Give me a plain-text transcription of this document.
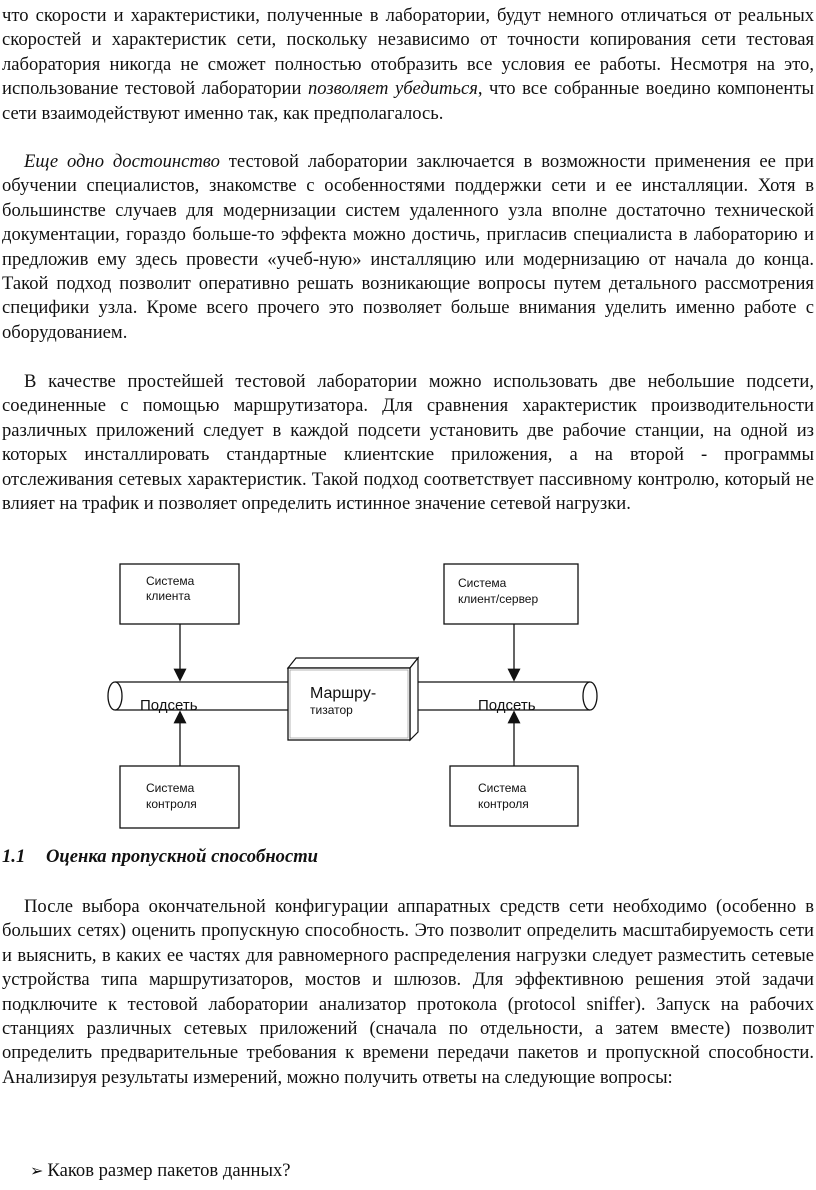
что скорости и характеристики, полученные в лаборатории, будут немного отличаться от реальных скоростей и характеристик сети, поскольку независимо от точности копирования сети тестовая лаборатория никогда не сможет полностью отобразить все условия ее работы. Несмотря на это, использование тестовой лаборатории позволяет убедиться, что все собранные воедино компоненты сети взаимодействуют именно так, как предполагалось.

Еще одно достоинство тестовой лаборатории заключается в возможности применения ее при обучении специалистов, знакомстве с особенностями поддержки сети и ее инсталляции. Хотя в большинстве случаев для модернизации систем удаленного узла вполне достаточно технической документации, гораздо больше-то эффекта можно достичь, пригласив специалиста в лабораторию и предложив ему здесь провести «учеб-ную» инсталляцию или модернизацию от начала до конца. Такой подход позволит оперативно решать возникающие вопросы путем детального рассмотрения специфики узла. Кроме всего прочего это позволяет больше внимания уделить именно работе с оборудованием.

В качестве простейшей тестовой лаборатории можно использовать две небольшие подсети, соединенные с помощью маршрутизатора. Для сравнения характеристик производительности различных приложений следует в каждой подсети установить две рабочие станции, на одной из которых инсталлировать стандартные клиентские приложения, а на второй - программы отслеживания сетевых характеристик. Такой подход соответствует пассивному контролю, который не влияет на трафик и позволяет определить истинное значение сетевой нагрузки.

Подсеть	Подсеть
Маршру-
тизатор
Система
клиента
Система
клиент/сервер
Система
контроля
Система
контроля
1.1 Оценка пропускной способности

После выбора окончательной конфигурации аппаратных средств сети необходимо (особенно в больших сетях) оценить пропускную способность. Это позволит определить масштабируемость сети и выяснить, в каких ее частях для равномерного распределения нагрузки следует разместить сетевые устройства типа маршрутизаторов, мостов и шлюзов. Для эффективною решения этой задачи подключите к тестовой лаборатории анализатор протокола (protocol sniffer). Запуск на рабочих станциях различных сетевых приложений (сначала по отдельности, а затем вместе) позволит определить предварительные требования к времени передачи пакетов и пропускной способности. Анализируя результаты измерений, можно получить ответы на следующие вопросы:

➢ Каков размер пакетов данных?
